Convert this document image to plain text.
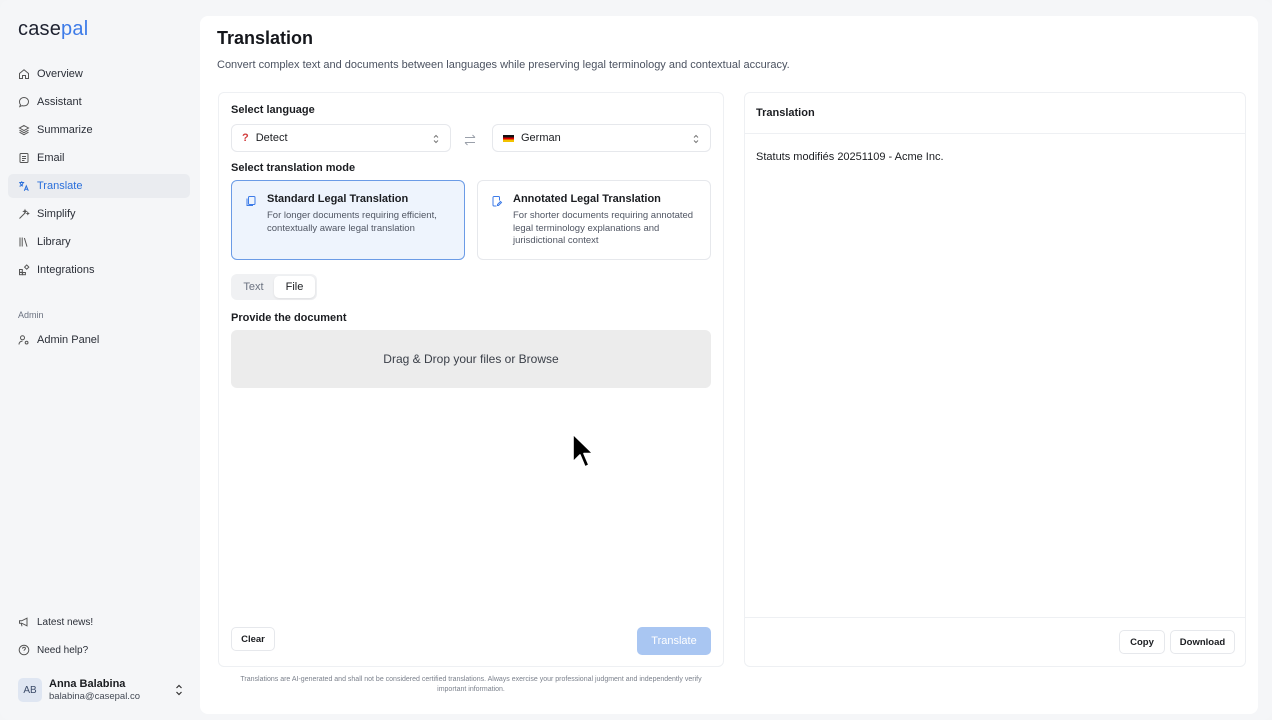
casepal
Overview
Assistant
Summarize
Email
Translate
Simplify
Library
Integrations
Admin
Admin Panel
Latest news!
Need help?
AB	Anna Balabina
balabina@casepal.co
Translation

Convert complex text and documents between languages while preserving legal terminology and contextual accuracy.

Select language
? Detect	German
Select translation mode
Standard Legal Translation
For longer documents requiring efficient, contextually aware legal translation
Annotated Legal Translation
For shorter documents requiring annotated legal terminology explanations and jurisdictional context
Text	File
Provide the document
Drag & Drop your files or Browse
Clear	Translate
Translation
Statuts modifiés 20251109 - Acme Inc.
Copy	Download
Translations are AI-generated and shall not be considered certified translations. Always exercise your professional judgment and independently verify important information.
